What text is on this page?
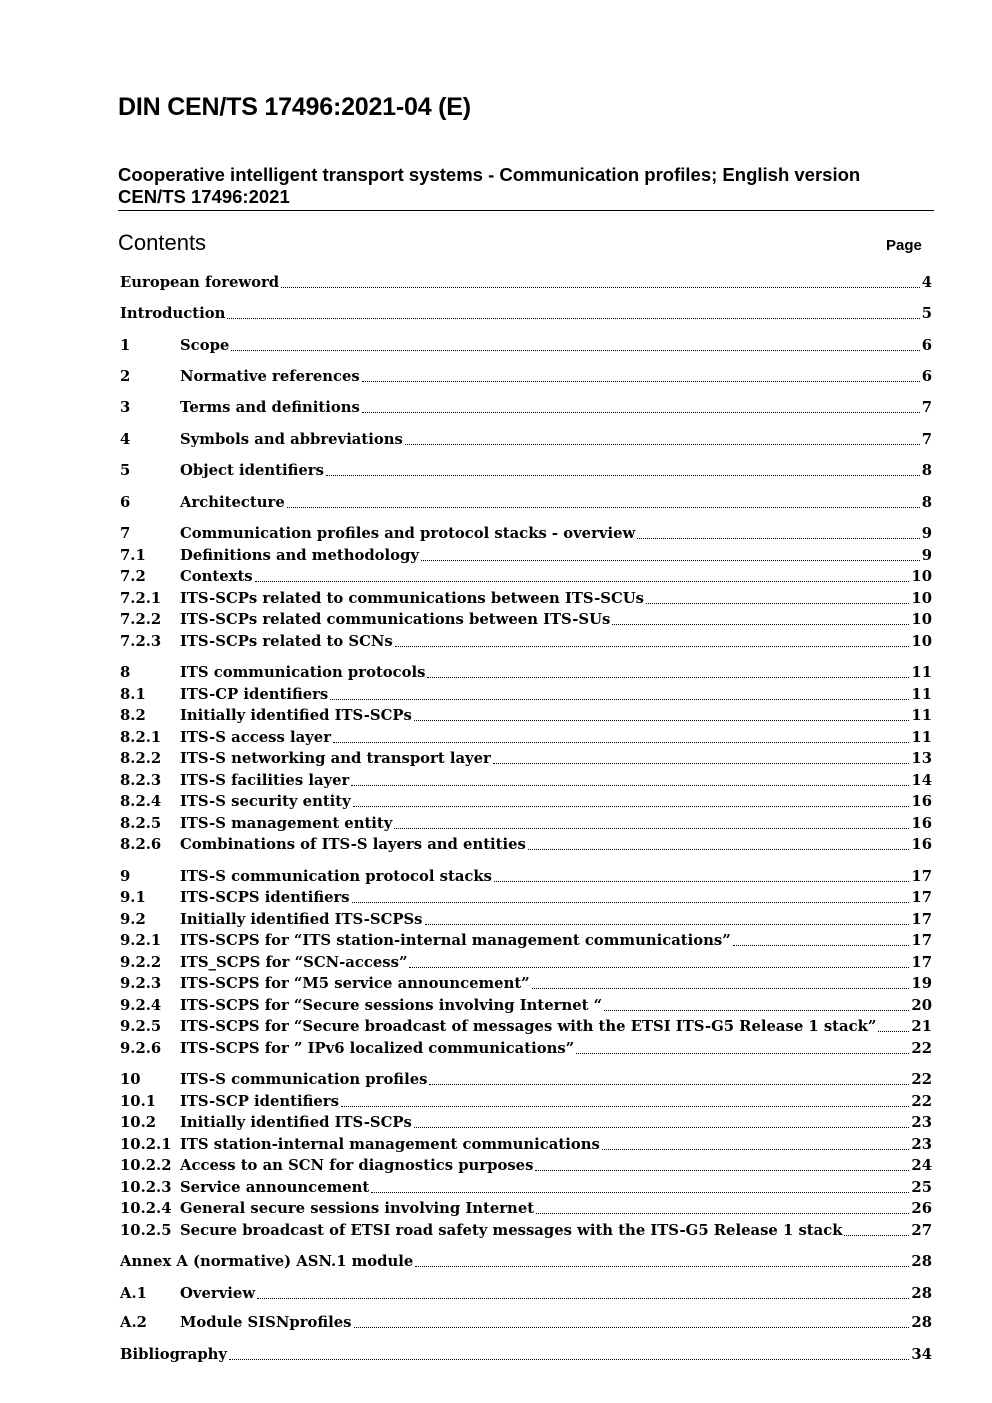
DIN CEN/TS 17496:2021-04 (E)
Cooperative intelligent transport systems - Communication profiles; English version
CEN/TS 17496:2021
Contents	Page
European foreword	4
Introduction	5
1	Scope	6
2	Normative references	6
3	Terms and definitions	7
4	Symbols and abbreviations	7
5	Object identifiers	8
6	Architecture	8
7	Communication profiles and protocol stacks - overview	9
7.1	Definitions and methodology	9
7.2	Contexts	10
7.2.1	ITS-SCPs related to communications between ITS-SCUs	10
7.2.2	ITS-SCPs related communications between ITS-SUs	10
7.2.3	ITS-SCPs related to SCNs	10
8	ITS communication protocols	11
8.1	ITS-CP identifiers	11
8.2	Initially identified ITS-SCPs	11
8.2.1	ITS-S access layer	11
8.2.2	ITS-S networking and transport layer	13
8.2.3	ITS-S facilities layer	14
8.2.4	ITS-S security entity	16
8.2.5	ITS-S management entity	16
8.2.6	Combinations of ITS-S layers and entities	16
9	ITS-S communication protocol stacks	17
9.1	ITS-SCPS identifiers	17
9.2	Initially identified ITS-SCPSs	17
9.2.1	ITS-SCPS for “ITS station-internal management communications”	17
9.2.2	ITS_SCPS for “SCN-access”	17
9.2.3	ITS-SCPS for “M5 service announcement”	19
9.2.4	ITS-SCPS for “Secure sessions involving Internet “	20
9.2.5	ITS-SCPS for “Secure broadcast of messages with the ETSI ITS-G5 Release 1 stack” 21
9.2.6	ITS-SCPS for ” IPv6 localized communications”	22
10	ITS-S communication profiles	22
10.1	ITS-SCP identifiers	22
10.2	Initially identified ITS-SCPs	23
10.2.1 ITS station-internal management communications	23
10.2.2 Access to an SCN for diagnostics purposes	24
10.2.3 Service announcement	25
10.2.4 General secure sessions involving Internet	26
10.2.5 Secure broadcast of ETSI road safety messages with the ITS-G5 Release 1 stack	27
Annex A (normative) ASN.1 module	28
A.1	Overview	28
A.2	Module SISNprofiles	28
Bibliography	34
